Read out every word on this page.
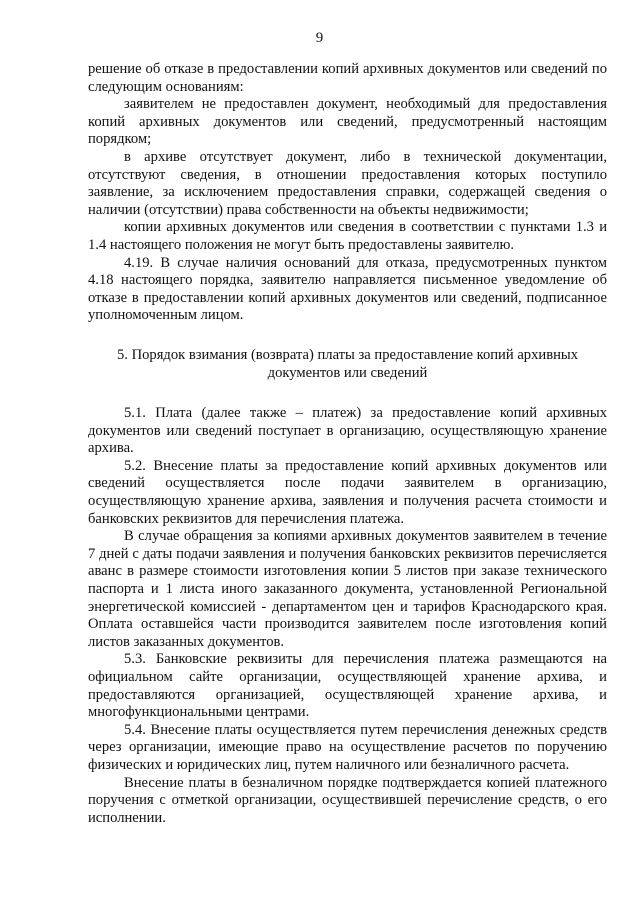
9

решение об отказе в предоставлении копий архивных документов или сведений по следующим основаниям:

заявителем не предоставлен документ, необходимый для предоставления копий архивных документов или сведений, предусмотренный настоящим порядком;

в архиве отсутствует документ, либо в технической документации, отсутствуют сведения, в отношении предоставления которых поступило заявление, за исключением предоставления справки, содержащей сведения о наличии (отсутствии) права собственности на объекты недвижимости;

копии архивных документов или сведения в соответствии с пунктами 1.3 и 1.4 настоящего положения не могут быть предоставлены заявителю.

4.19. В случае наличия оснований для отказа, предусмотренных пунктом 4.18 настоящего порядка, заявителю направляется письменное уведомление об отказе в предоставлении копий архивных документов или сведений, подписанное уполномоченным лицом.

5. Порядок взимания (возврата) платы за предоставление копий архивных документов или сведений

5.1. Плата (далее также – платеж) за предоставление копий архивных документов или сведений поступает в организацию, осуществляющую хранение архива.

5.2. Внесение платы за предоставление копий архивных документов или сведений осуществляется после подачи заявителем в организацию, осуществляющую хранение архива, заявления и получения расчета стоимости и банковских реквизитов для перечисления платежа.

В случае обращения за копиями архивных документов заявителем в течение 7 дней с даты подачи заявления и получения банковских реквизитов перечисляется аванс в размере стоимости изготовления копии 5 листов при заказе технического паспорта и 1 листа иного заказанного документа, установленной Региональной энергетической комиссией - департаментом цен и тарифов Краснодарского края. Оплата оставшейся части производится заявителем после изготовления копий листов заказанных документов.

5.3. Банковские реквизиты для перечисления платежа размещаются на официальном сайте организации, осуществляющей хранение архива, и предоставляются организацией, осуществляющей хранение архива, и многофункциональными центрами.

5.4. Внесение платы осуществляется путем перечисления денежных средств через организации, имеющие право на осуществление расчетов по поручению физических и юридических лиц, путем наличного или безналичного расчета.

Внесение платы в безналичном порядке подтверждается копией платежного поручения с отметкой организации, осуществившей перечисление средств, о его исполнении.
